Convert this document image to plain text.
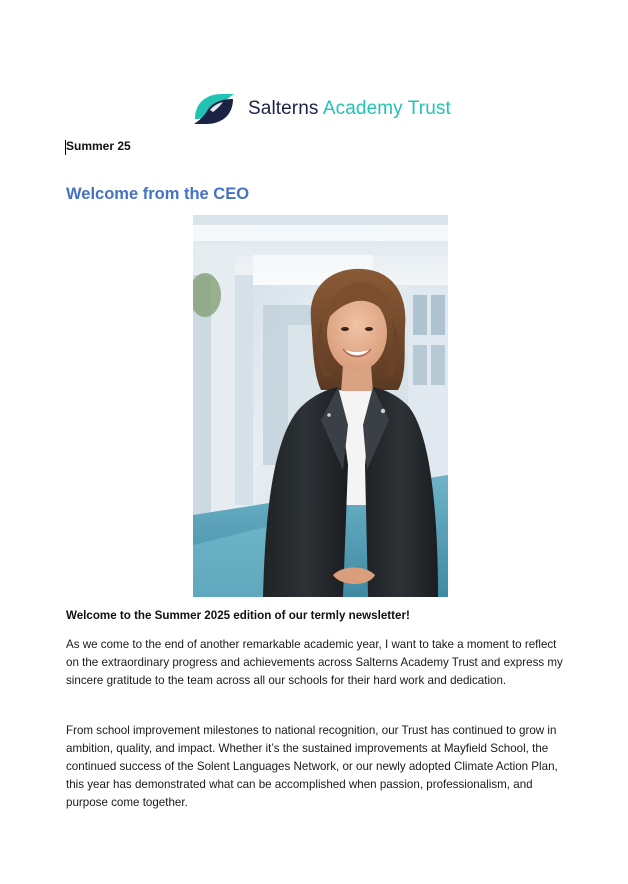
Salterns Academy Trust
Summer 25
Welcome from the CEO
Welcome to the Summer 2025 edition of our termly newsletter!

As we come to the end of another remarkable academic year, I want to take a moment to reflect on the extraordinary progress and achievements across Salterns Academy Trust and express my sincere gratitude to the team across all our schools for their hard work and dedication.

From school improvement milestones to national recognition, our Trust has continued to grow in ambition, quality, and impact. Whether it’s the sustained improvements at Mayfield School, the continued success of the Solent Languages Network, or our newly adopted Climate Action Plan, this year has demonstrated what can be accomplished when passion, professionalism, and purpose come together.
